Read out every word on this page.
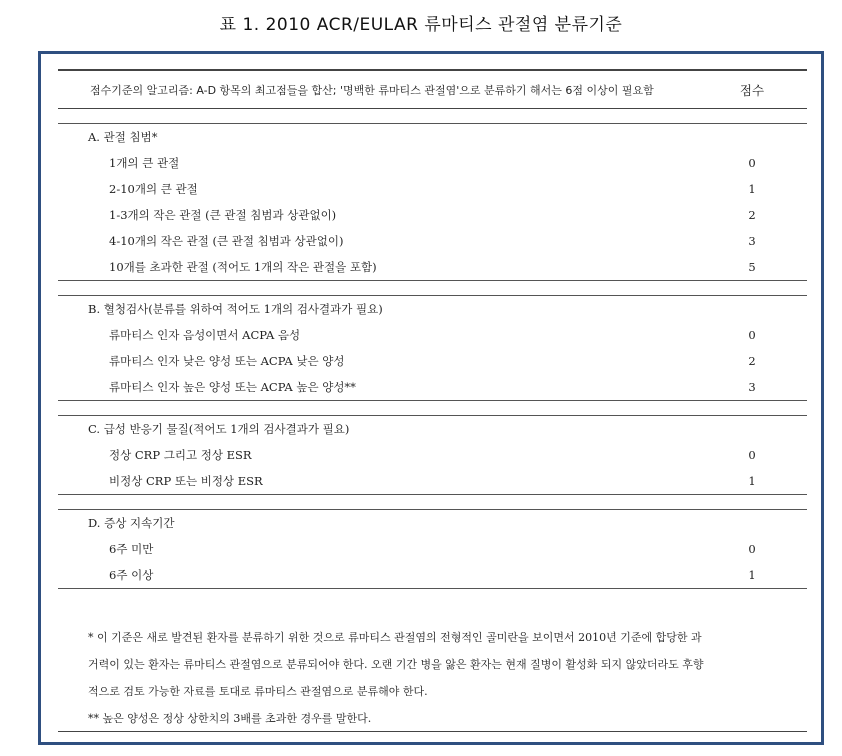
표 1. 2010 ACR/EULAR 류마티스 관절염 분류기준
점수기준의 알고리즘: A-D 항목의 최고점들을 합산; '명백한 류마티스 관절염'으로 분류하기 해서는 6점 이상이 필요함	점수

A. 관절 침범*	
1개의 큰 관절	0
2-10개의 큰 관절	1
1-3개의 작은 관절 (큰 관절 침범과 상관없이)	2
4-10개의 작은 관절 (큰 관절 침범과 상관없이)	3
10개를 초과한 관절 (적어도 1개의 작은 관절을 포함)	5

B. 혈청검사(분류를 위하여 적어도 1개의 검사결과가 필요)	
류마티스 인자 음성이면서 ACPA 음성	0
류마티스 인자 낮은 양성 또는 ACPA 낮은 양성	2
류마티스 인자 높은 양성 또는 ACPA 높은 양성**	3

C. 급성 반응기 물질(적어도 1개의 검사결과가 필요)	
정상 CRP 그리고 정상 ESR	0
비정상 CRP 또는 비정상 ESR	1

D. 증상 지속기간	
6주 미만	0
6주 이상	1
* 이 기준은 새로 발견된 환자를 분류하기 위한 것으로 류마티스 관절염의 전형적인 골미란을 보이면서 2010년 기준에 합당한 과
거력이 있는 환자는 류마티스 관절염으로 분류되어야 한다. 오랜 기간 병을 앓은 환자는 현재 질병이 활성화 되지 않았더라도 후향
적으로 검토 가능한 자료를 토대로 류마티스 관절염으로 분류해야 한다.
** 높은 양성은 정상 상한치의 3배를 초과한 경우를 말한다.
